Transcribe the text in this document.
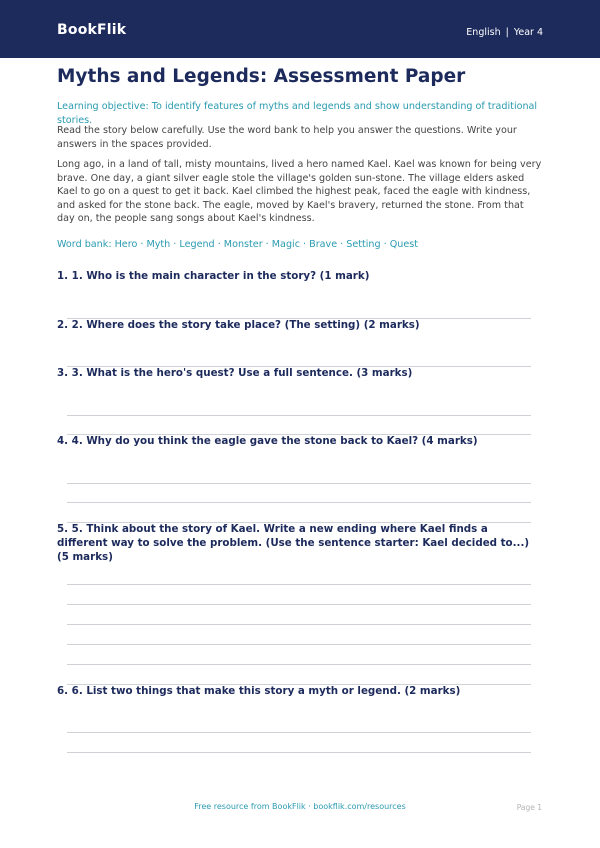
BookFlik	English | Year 4
Myths and Legends: Assessment Paper

Learning objective: To identify features of myths and legends and show understanding of traditional stories.

Read the story below carefully. Use the word bank to help you answer the questions. Write your answers in the spaces provided.

Long ago, in a land of tall, misty mountains, lived a hero named Kael. Kael was known for being very brave. One day, a giant silver eagle stole the village's golden sun-stone. The village elders asked Kael to go on a quest to get it back. Kael climbed the highest peak, faced the eagle with kindness, and asked for the stone back. The eagle, moved by Kael's bravery, returned the stone. From that day on, the people sang songs about Kael's kindness.

Word bank: Hero · Myth · Legend · Monster · Magic · Brave · Setting · Quest

1. 1. Who is the main character in the story? (1 mark)

2. 2. Where does the story take place? (The setting) (2 marks)

3. 3. What is the hero's quest? Use a full sentence. (3 marks)

4. 4. Why do you think the eagle gave the stone back to Kael? (4 marks)

5. 5. Think about the story of Kael. Write a new ending where Kael finds a different way to solve the problem. (Use the sentence starter: Kael decided to...) (5 marks)

6. 6. List two things that make this story a myth or legend. (2 marks)

Free resource from BookFlik · bookflik.com/resources	Page 1
